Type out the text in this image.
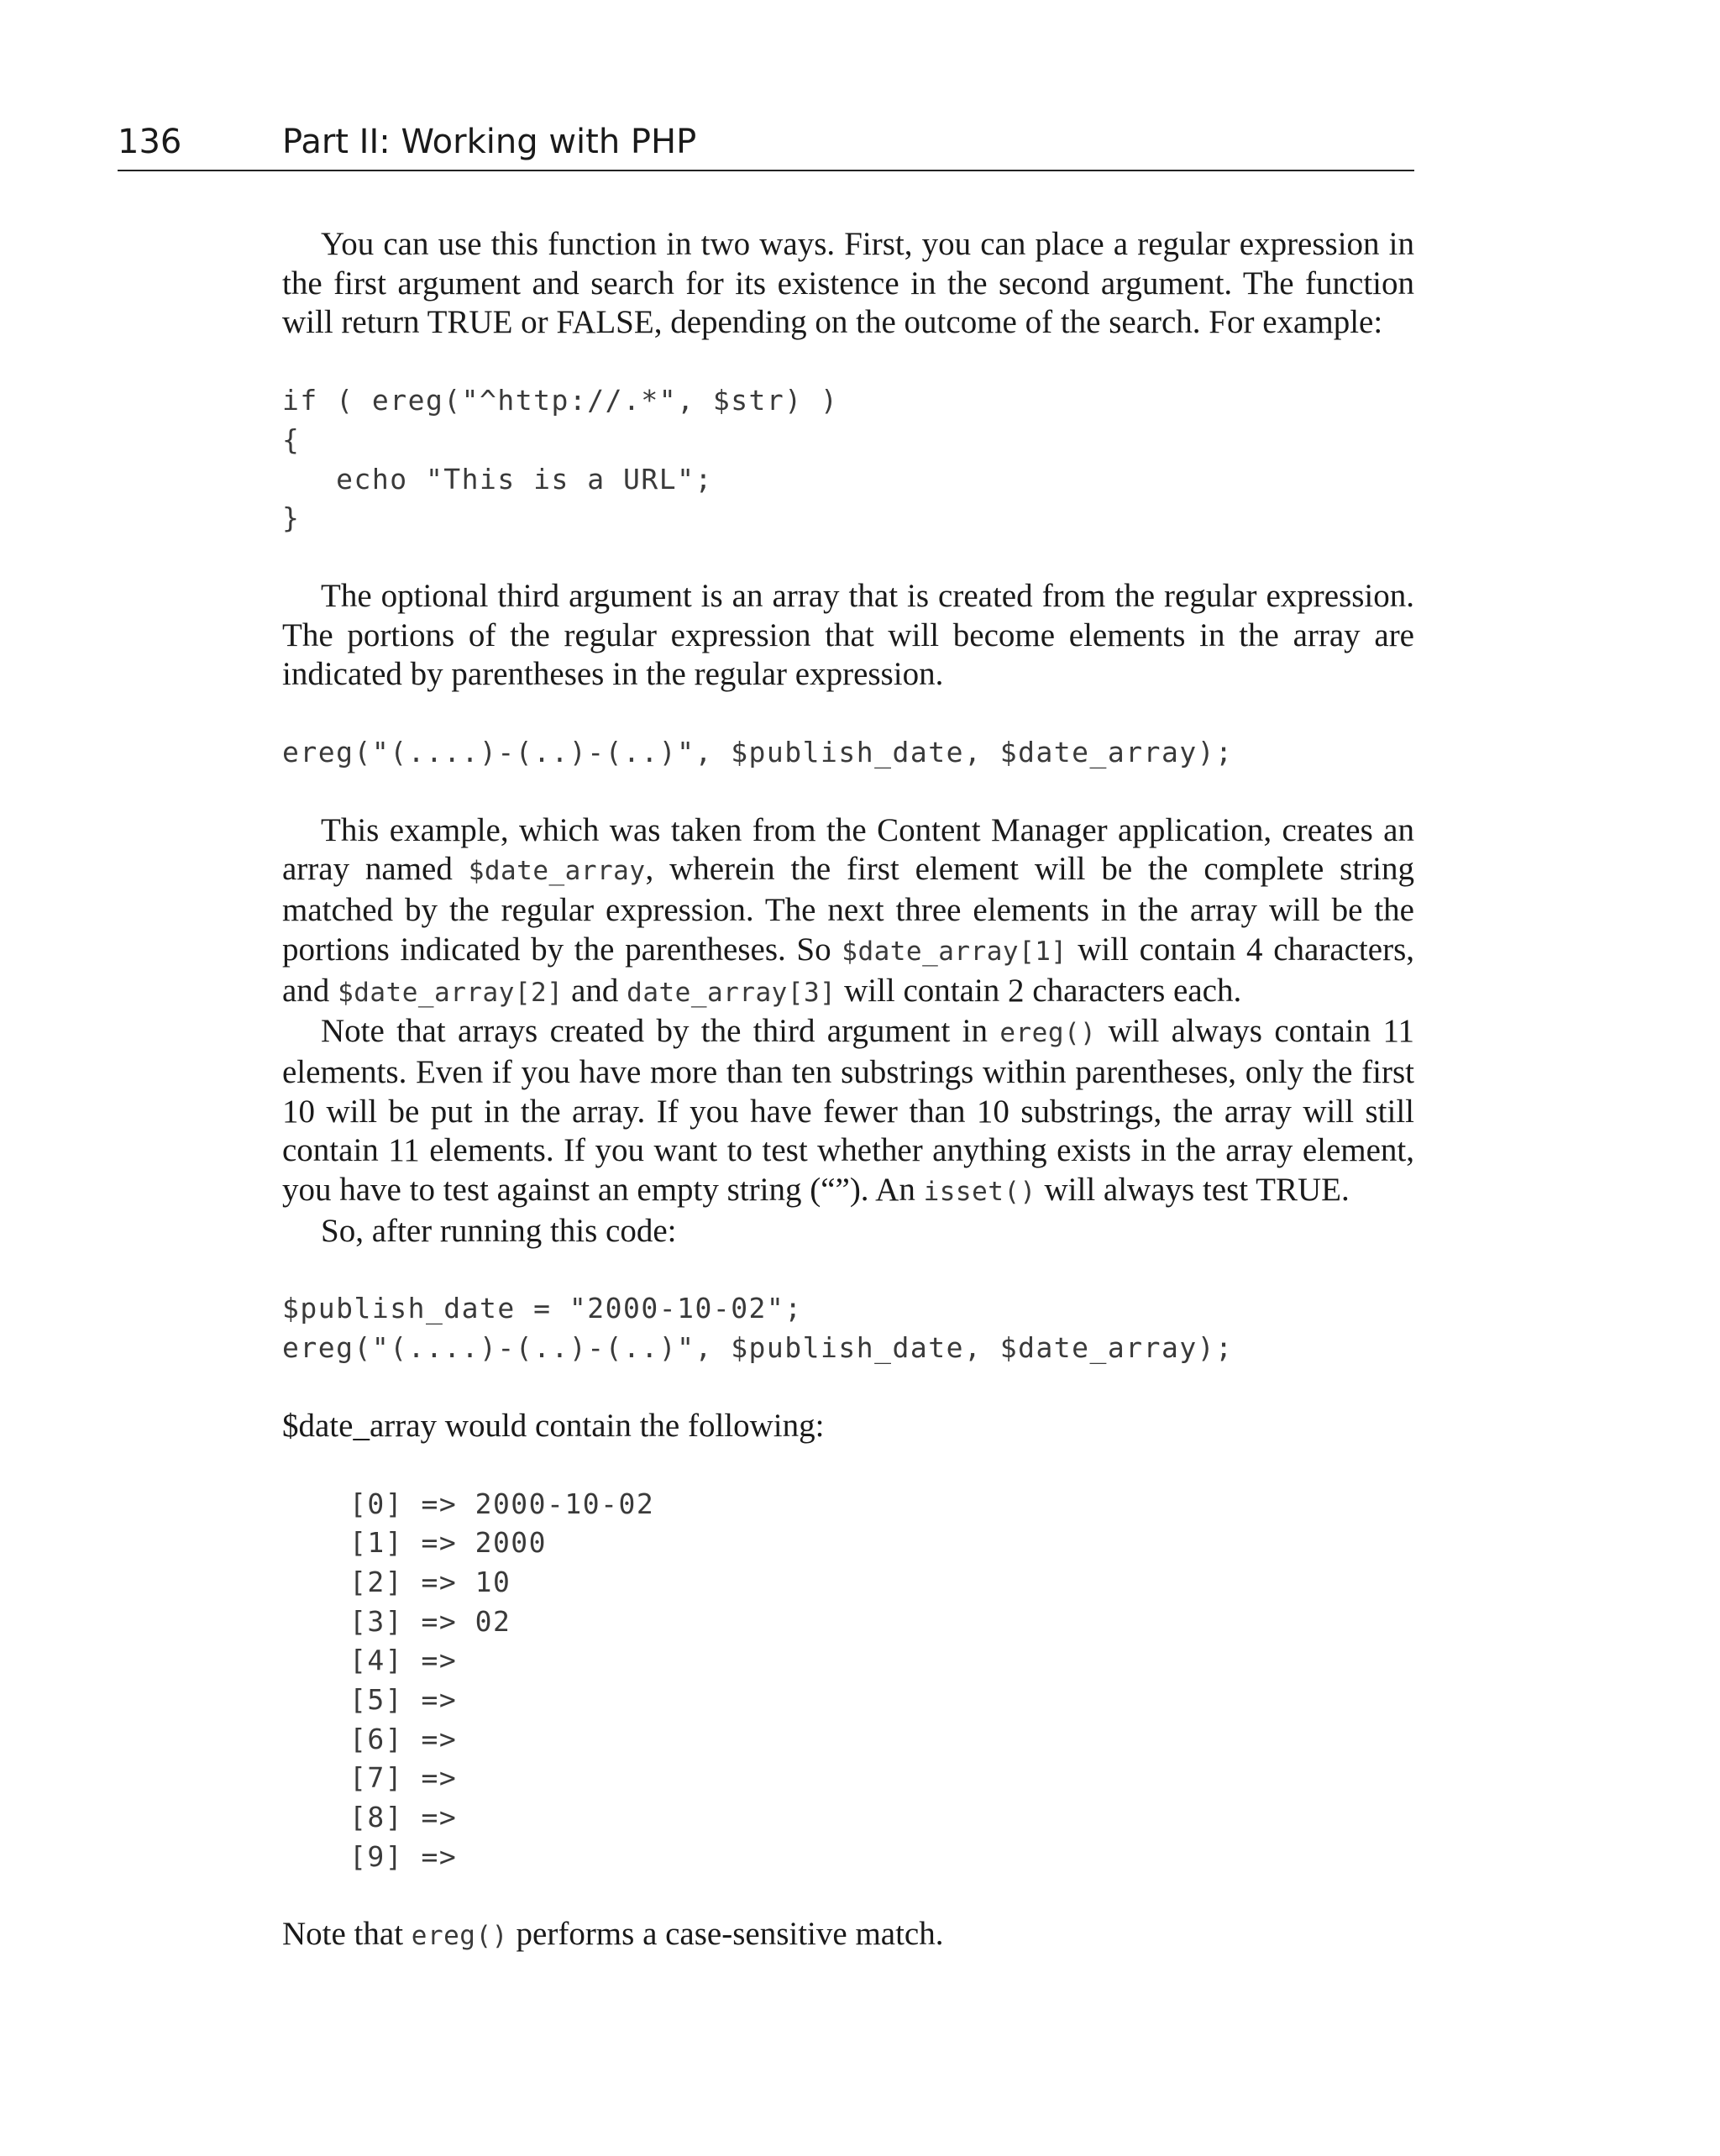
136	Part II: Working with PHP

You can use this function in two ways. First, you can place a regular expression in the first argument and search for its existence in the second argument. The function will return TRUE or FALSE, depending on the outcome of the search. For example:

if ( ereg("^http://.*", $str) )
{
echo "This is a URL";
}

The optional third argument is an array that is created from the regular expression. The portions of the regular expression that will become elements in the array are indicated by parentheses in the regular expression.

ereg("(....)-(..)-(..)", $publish_date, $date_array);

This example, which was taken from the Content Manager application, creates an array named $date_array, wherein the first element will be the complete string matched by the regular expression. The next three elements in the array will be the portions indicated by the parentheses. So $date_array[1] will contain 4 characters, and $date_array[2] and date_array[3] will contain 2 characters each.

Note that arrays created by the third argument in ereg() will always contain 11 elements. Even if you have more than ten substrings within parentheses, only the first 10 will be put in the array. If you have fewer than 10 substrings, the array will still contain 11 elements. If you want to test whether anything exists in the array element, you have to test against an empty string (“”). An isset() will always test TRUE.

So, after running this code:

$publish_date = "2000-10-02";
ereg("(....)-(..)-(..)", $publish_date, $date_array);

$date_array would contain the following:

[0] => 2000-10-02
[1] => 2000
[2] => 10
[3] => 02
[4] =>
[5] =>
[6] =>
[7] =>
[8] =>
[9] =>

Note that ereg() performs a case-sensitive match.
